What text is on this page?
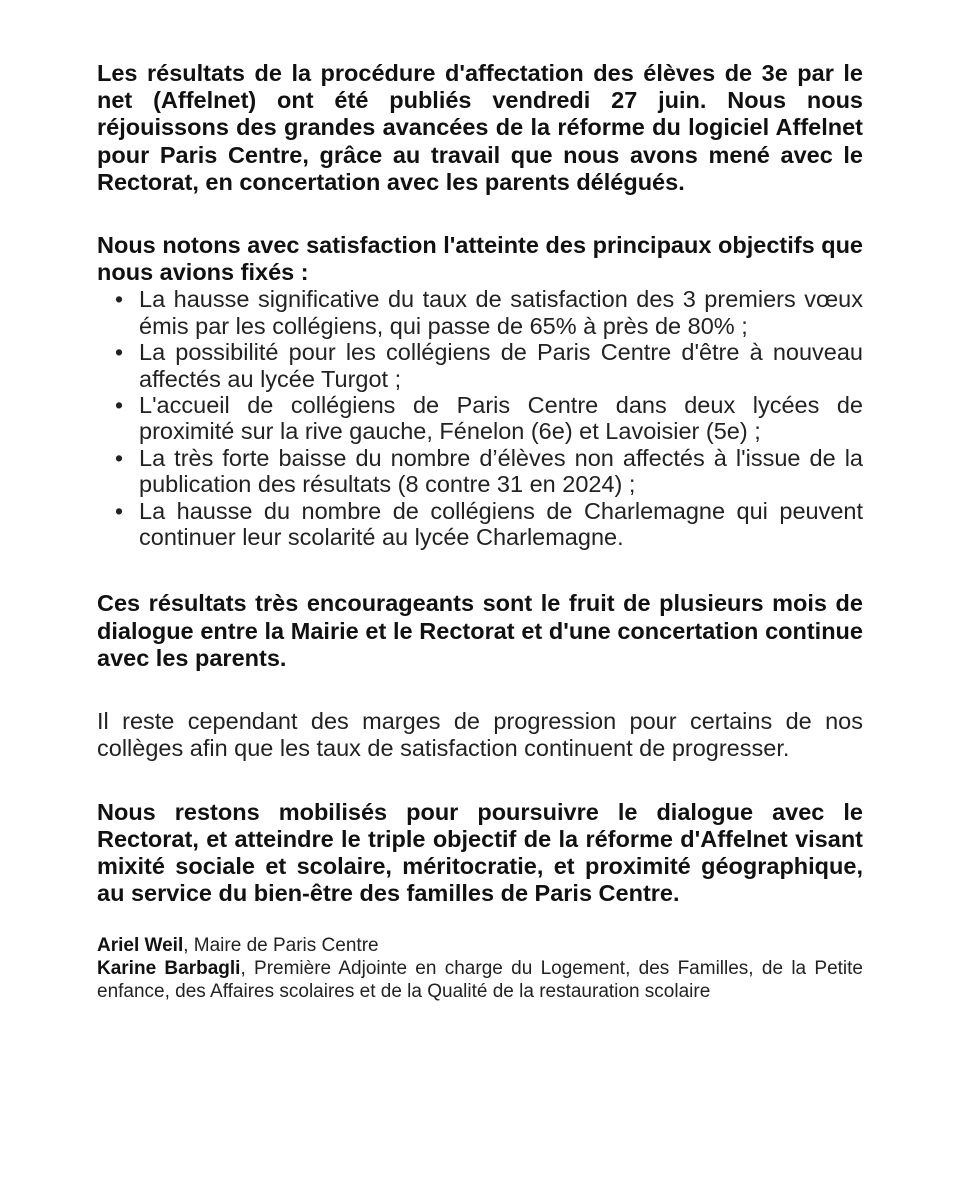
Les résultats de la procédure d'affectation des élèves de 3e par le net (Affelnet) ont été publiés vendredi 27 juin. Nous nous réjouissons des grandes avancées de la réforme du logiciel Affelnet pour Paris Centre, grâce au travail que nous avons mené avec le Rectorat, en concertation avec les parents délégués.

Nous notons avec satisfaction l'atteinte des principaux objectifs que nous avions fixés :

• La hausse significative du taux de satisfaction des 3 premiers vœux émis par les collégiens, qui passe de 65% à près de 80% ;
• La possibilité pour les collégiens de Paris Centre d'être à nouveau affectés au lycée Turgot ;
• L'accueil de collégiens de Paris Centre dans deux lycées de proximité sur la rive gauche, Fénelon (6e) et Lavoisier (5e) ;
• La très forte baisse du nombre d’élèves non affectés à l'issue de la publication des résultats (8 contre 31 en 2024) ;
• La hausse du nombre de collégiens de Charlemagne qui peuvent continuer leur scolarité au lycée Charlemagne.

Ces résultats très encourageants sont le fruit de plusieurs mois de dialogue entre la Mairie et le Rectorat et d'une concertation continue avec les parents.

Il reste cependant des marges de progression pour certains de nos collèges afin que les taux de satisfaction continuent de progresser.

Nous restons mobilisés pour poursuivre le dialogue avec le Rectorat, et atteindre le triple objectif de la réforme d'Affelnet visant mixité sociale et scolaire, méritocratie, et proximité géographique, au service du bien-être des familles de Paris Centre.

Ariel Weil, Maire de Paris Centre

Karine Barbagli, Première Adjointe en charge du Logement, des Familles, de la Petite enfance, des Affaires scolaires et de la Qualité de la restauration scolaire
